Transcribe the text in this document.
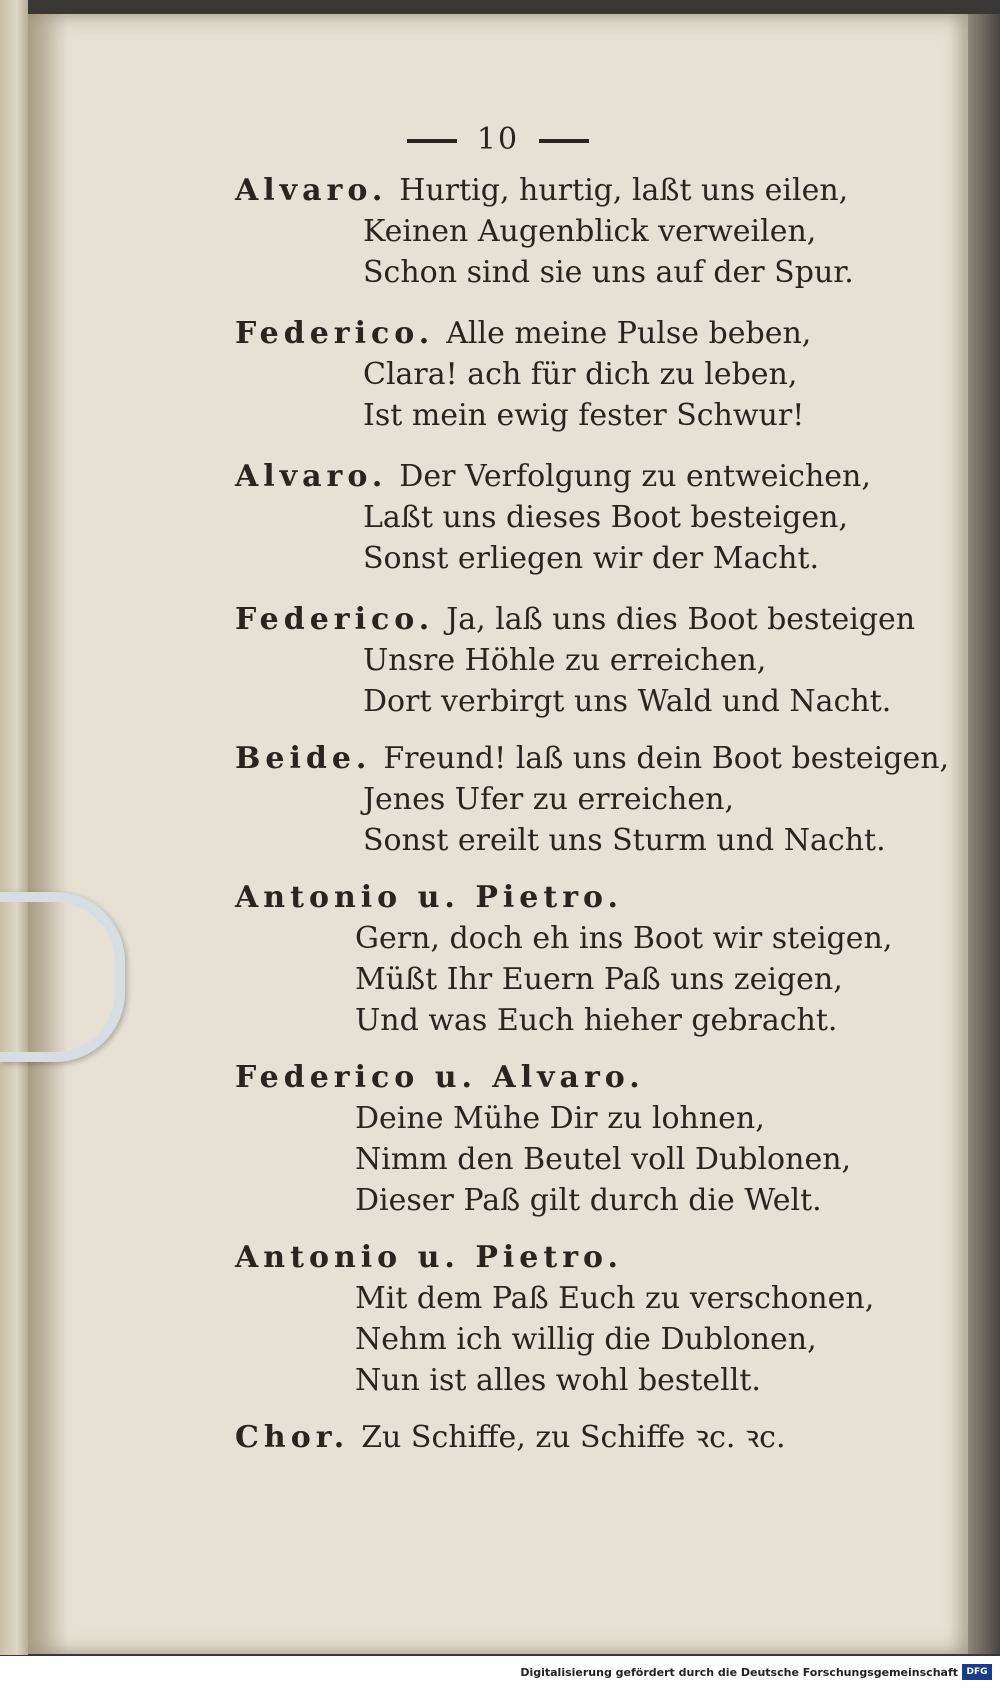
10
Alvaro. Hurtig, hurtig, laßt uns eilen,
Keinen Augenblick verweilen,
Schon sind sie uns auf der Spur.
Federico. Alle meine Pulse beben,
Clara! ach für dich zu leben,
Ist mein ewig fester Schwur!
Alvaro. Der Verfolgung zu entweichen,
Laßt uns dieses Boot besteigen,
Sonst erliegen wir der Macht.
Federico. Ja, laß uns dies Boot besteigen
Unsre Höhle zu erreichen,
Dort verbirgt uns Wald und Nacht.
Beide. Freund! laß uns dein Boot besteigen,
Jenes Ufer zu erreichen,
Sonst ereilt uns Sturm und Nacht.
Antonio u. Pietro.
Gern, doch eh ins Boot wir steigen,
Müßt Ihr Euern Paß uns zeigen,
Und was Euch hieher gebracht.
Federico u. Alvaro.
Deine Mühe Dir zu lohnen,
Nimm den Beutel voll Dublonen,
Dieser Paß gilt durch die Welt.
Antonio u. Pietro.
Mit dem Paß Euch zu verschonen,
Nehm ich willig die Dublonen,
Nun ist alles wohl bestellt.
Chor. Zu Schiffe, zu Schiffe ꝛc. ꝛc.
Digitalisierung gefördert durch die Deutsche Forschungsgemeinschaft DFG
